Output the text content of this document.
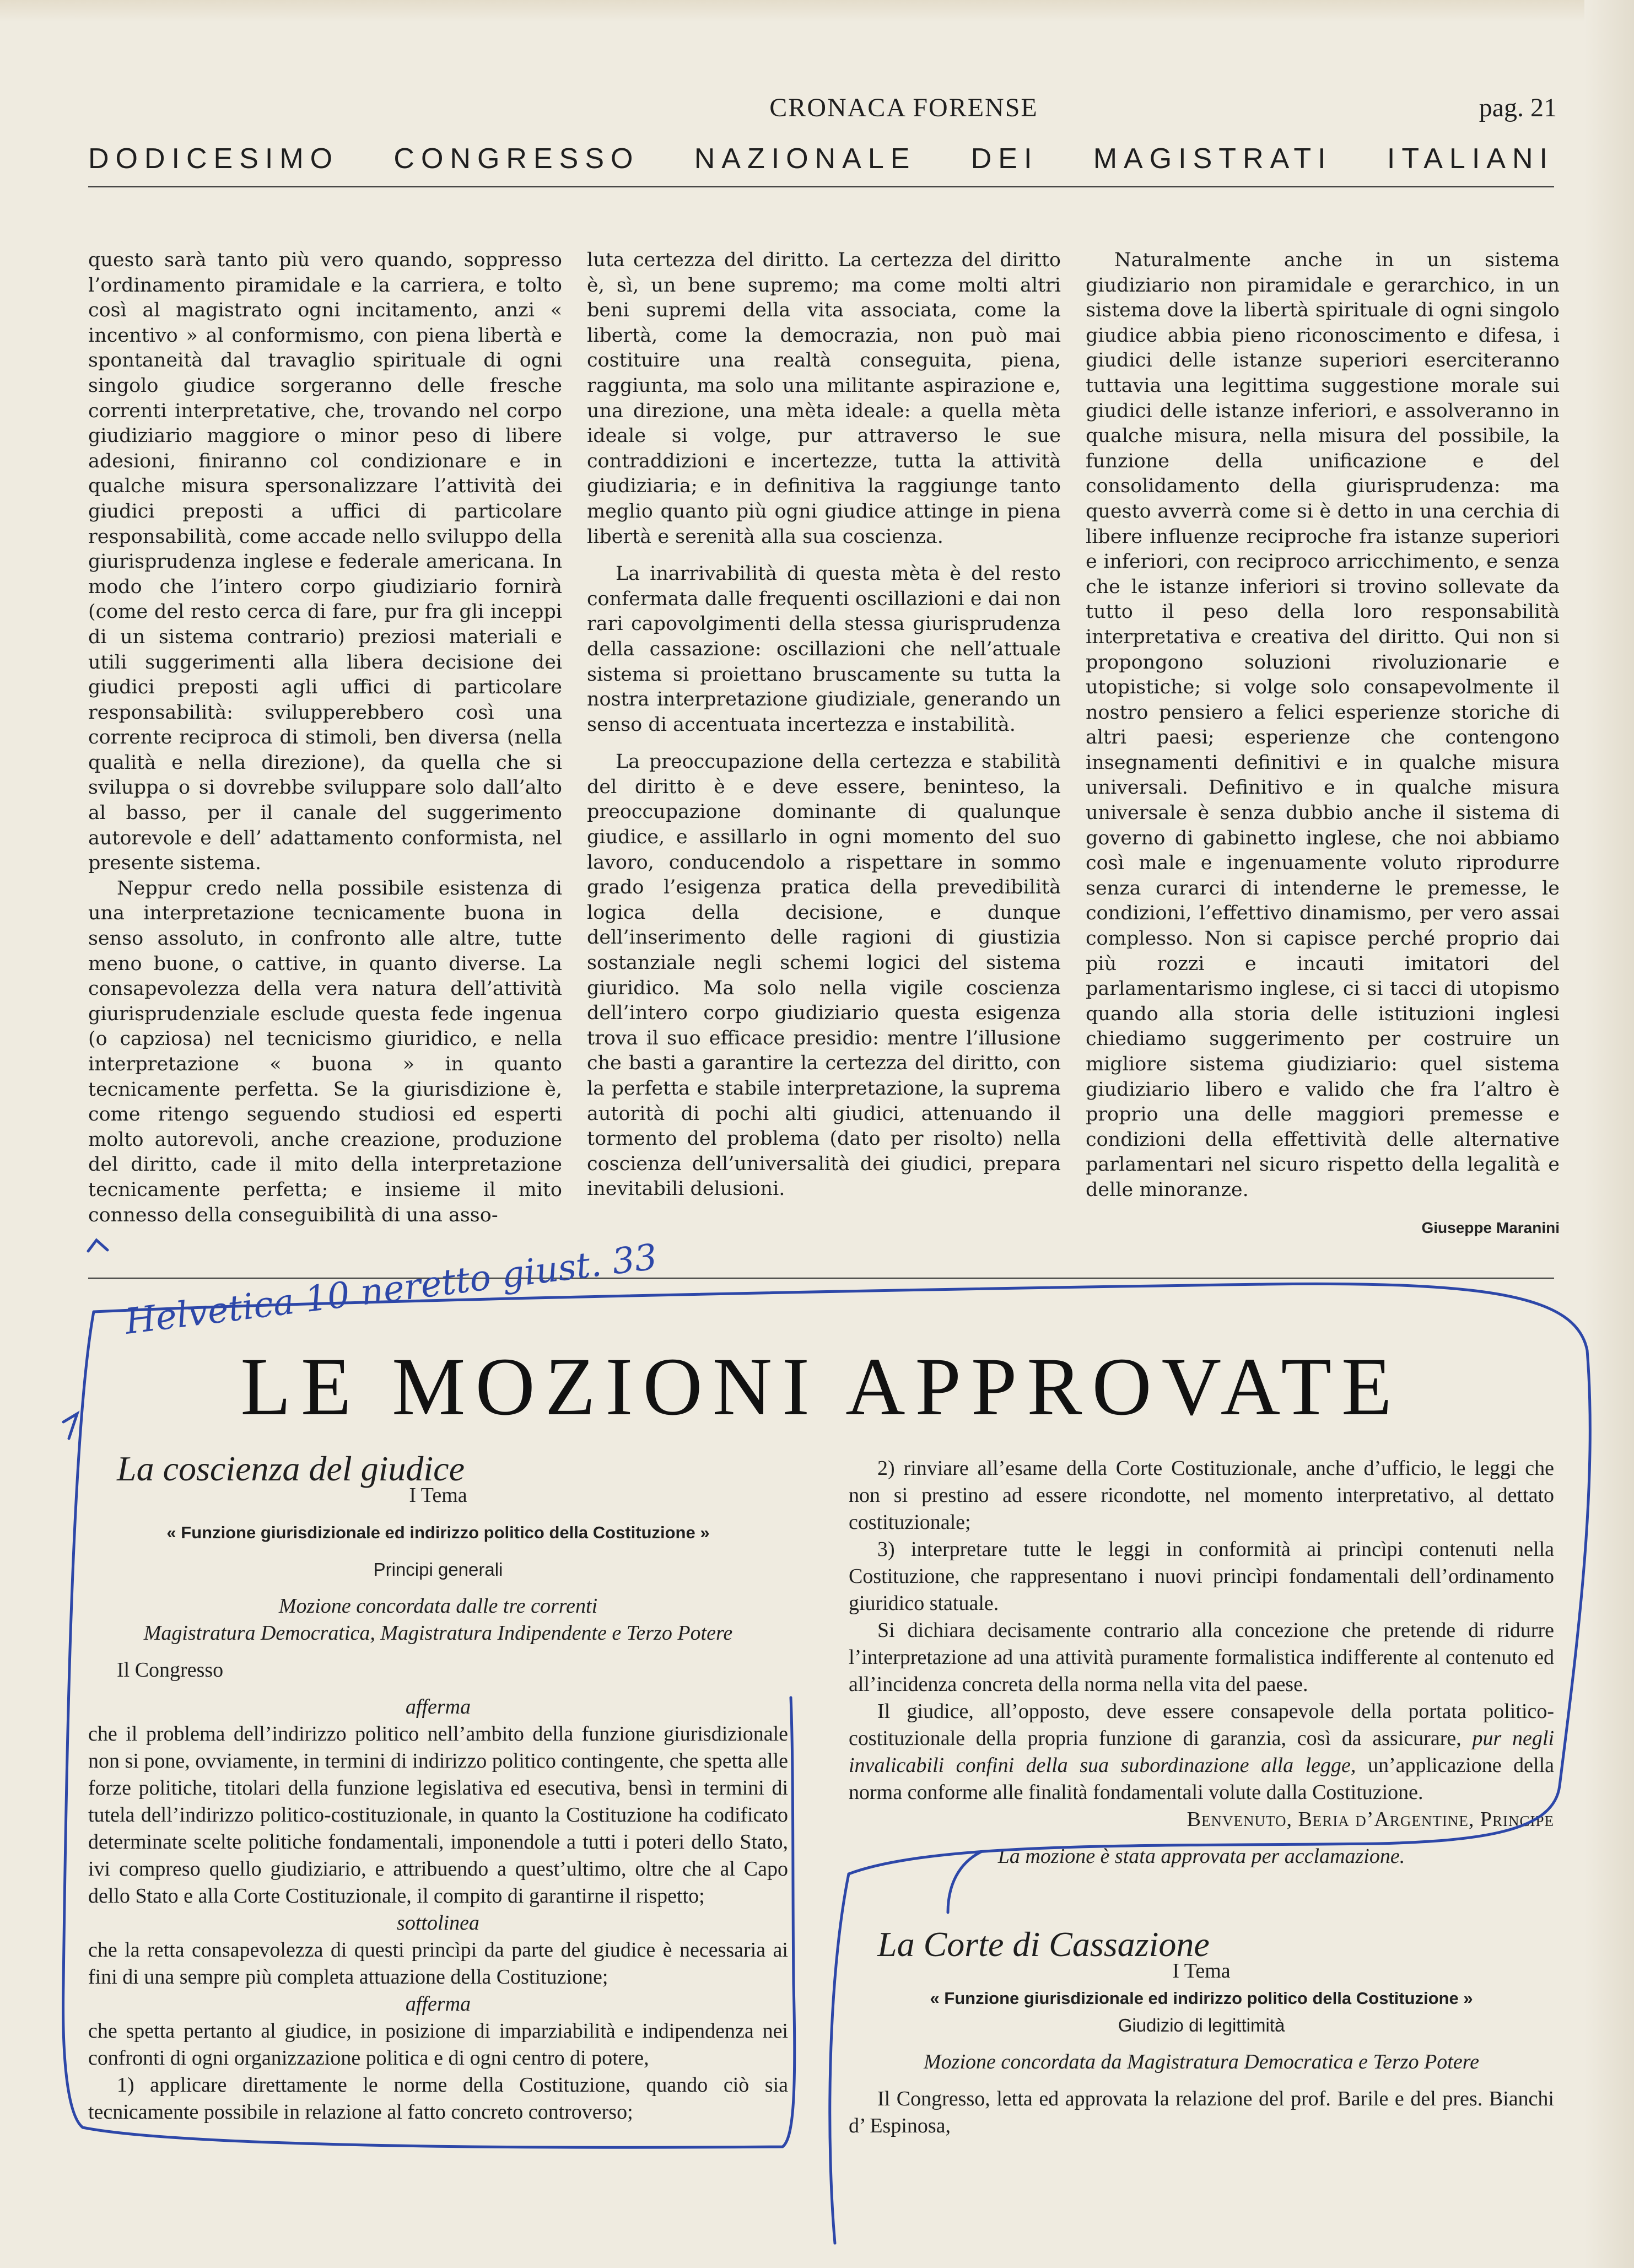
CRONACA FORENSE	pag. 21
DODICESIMO CONGRESSO NAZIONALE DEI MAGISTRATI ITALIANI

questo sarà tanto più vero quando, soppresso l’ordinamento piramidale e la carriera, e tolto così al magistrato ogni incitamento, anzi « incentivo » al conformismo, con piena libertà e spontaneità dal travaglio spirituale di ogni singolo giudice sorgeranno delle fresche correnti interpretative, che, trovando nel corpo giudiziario maggiore o minor peso di libere adesioni, finiranno col condizionare e in qualche misura spersonalizzare l’attività dei giudici preposti a uffici di particolare responsabilità, come accade nello sviluppo della giurisprudenza inglese e federale americana. In modo che l’intero corpo giudiziario fornirà (come del resto cerca di fare, pur fra gli inceppi di un sistema contrario) preziosi materiali e utili suggerimenti alla libera decisione dei giudici preposti agli uffici di particolare responsabilità: svilupperebbero così una corrente reciproca di stimoli, ben diversa (nella qualità e nella direzione), da quella che si sviluppa o si dovrebbe sviluppare solo dall’alto al basso, per il canale del suggerimento autorevole e dell’ adattamento conformista, nel presente sistema.

Neppur credo nella possibile esistenza di una interpretazione tecnicamente buona in senso assoluto, in confronto alle altre, tutte meno buone, o cattive, in quanto diverse. La consapevolezza della vera natura dell’attività giurisprudenziale esclude questa fede ingenua (o capziosa) nel tecnicismo giuridico, e nella interpretazione « buona » in quanto tecnicamente perfetta. Se la giurisdizione è, come ritengo seguendo studiosi ed esperti molto autorevoli, anche creazione, produzione del diritto, cade il mito della interpretazione tecnicamente perfetta; e insieme il mito connesso della conseguibilità di una asso-

luta certezza del diritto. La certezza del diritto è, sì, un bene supremo; ma come molti altri beni supremi della vita associata, come la libertà, come la democrazia, non può mai costituire una realtà conseguita, piena, raggiunta, ma solo una militante aspirazione e, una direzione, una mèta ideale: a quella mèta ideale si volge, pur attraverso le sue contraddizioni e incertezze, tutta la attività giudiziaria; e in definitiva la raggiunge tanto meglio quanto più ogni giudice attinge in piena libertà e serenità alla sua coscienza.

La inarrivabilità di questa mèta è del resto confermata dalle frequenti oscillazioni e dai non rari capovolgimenti della stessa giurisprudenza della cassazione: oscillazioni che nell’attuale sistema si proiettano bruscamente su tutta la nostra interpretazione giudiziale, generando un senso di accentuata incertezza e instabilità.

La preoccupazione della certezza e stabilità del diritto è e deve essere, beninteso, la preoccupazione dominante di qualunque giudice, e assillarlo in ogni momento del suo lavoro, conducendolo a rispettare in sommo grado l’esigenza pratica della prevedibilità logica della decisione, e dunque dell’inserimento delle ragioni di giustizia sostanziale negli schemi logici del sistema giuridico. Ma solo nella vigile coscienza dell’intero corpo giudiziario questa esigenza trova il suo efficace presidio: mentre l’illusione che basti a garantire la certezza del diritto, con la perfetta e stabile interpretazione, la suprema autorità di pochi alti giudici, attenuando il tormento del problema (dato per risolto) nella coscienza dell’universalità dei giudici, prepara inevitabili delusioni.

Naturalmente anche in un sistema giudiziario non piramidale e gerarchico, in un sistema dove la libertà spirituale di ogni singolo giudice abbia pieno riconoscimento e difesa, i giudici delle istanze superiori eserciteranno tuttavia una legittima suggestione morale sui giudici delle istanze inferiori, e assolveranno in qualche misura, nella misura del possibile, la funzione della unificazione e del consolidamento della giurisprudenza: ma questo avverrà come si è detto in una cerchia di libere influenze reciproche fra istanze superiori e inferiori, con reciproco arricchimento, e senza che le istanze inferiori si trovino sollevate da tutto il peso della loro responsabilità interpretativa e creativa del diritto. Qui non si propongono soluzioni rivoluzionarie e utopistiche; si volge solo consapevolmente il nostro pensiero a felici esperienze storiche di altri paesi; esperienze che contengono insegnamenti definitivi e in qualche misura universali. Definitivo e in qualche misura universale è senza dubbio anche il sistema di governo di gabinetto inglese, che noi abbiamo così male e ingenuamente voluto riprodurre senza curarci di intenderne le premesse, le condizioni, l’effettivo dinamismo, per vero assai complesso. Non si capisce perché proprio dai più rozzi e incauti imitatori del parlamentarismo inglese, ci si tacci di utopismo quando alla storia delle istituzioni inglesi chiediamo suggerimento per costruire un migliore sistema giudiziario: quel sistema giudiziario libero e valido che fra l’altro è proprio una delle maggiori premesse e condizioni della effettività delle alternative parlamentari nel sicuro rispetto della legalità e delle minoranze.

Giuseppe Maranini
LE MOZIONI APPROVATE

La coscienza del giudice

I Tema

« Funzione giurisdizionale ed indirizzo politico della Costituzione »

Principi generali

Mozione concordata dalle tre correnti

Magistratura Democratica, Magistratura Indipendente e Terzo Potere

Il Congresso

afferma

che il problema dell’indirizzo politico nell’ambito della funzione giurisdizionale non si pone, ovviamente, in termini di indirizzo politico contingente, che spetta alle forze politiche, titolari della funzione legislativa ed esecutiva, bensì in termini di tutela dell’indirizzo politico-costituzionale, in quanto la Costituzione ha codificato determinate scelte politiche fondamentali, imponendole a tutti i poteri dello Stato, ivi compreso quello giudiziario, e attribuendo a quest’ultimo, oltre che al Capo dello Stato e alla Corte Costituzionale, il compito di garantirne il rispetto;

sottolinea

che la retta consapevolezza di questi princìpi da parte del giudice è necessaria ai fini di una sempre più completa attuazione della Costituzione;

afferma

che spetta pertanto al giudice, in posizione di imparziabilità e indipendenza nei confronti di ogni organizzazione politica e di ogni centro di potere,

1) applicare direttamente le norme della Costituzione, quando ciò sia tecnicamente possibile in relazione al fatto concreto controverso;

2) rinviare all’esame della Corte Costituzionale, anche d’ufficio, le leggi che non si prestino ad essere ricondotte, nel momento interpretativo, al dettato costituzionale;

3) interpretare tutte le leggi in conformità ai princìpi contenuti nella Costituzione, che rappresentano i nuovi princìpi fondamentali dell’ordinamento giuridico statuale.

Si dichiara decisamente contrario alla concezione che pretende di ridurre l’interpretazione ad una attività puramente formalistica indifferente al contenuto ed all’incidenza concreta della norma nella vita del paese.

Il giudice, all’opposto, deve essere consapevole della portata politico-costituzionale della propria funzione di garanzia, così da assicurare, pur negli invalicabili confini della sua subordinazione alla legge, un’applicazione della norma conforme alle finalità fondamentali volute dalla Costituzione.

Benvenuto, Beria d’Argentine, Principe

La mozione è stata approvata per acclamazione.

La Corte di Cassazione

I Tema

« Funzione giurisdizionale ed indirizzo politico della Costituzione »

Giudizio di legittimità

Mozione concordata da Magistratura Democratica e Terzo Potere

Il Congresso, letta ed approvata la relazione del prof. Barile e del pres. Bianchi d’ Espinosa,

Helvetica 10 neretto giust. 33
